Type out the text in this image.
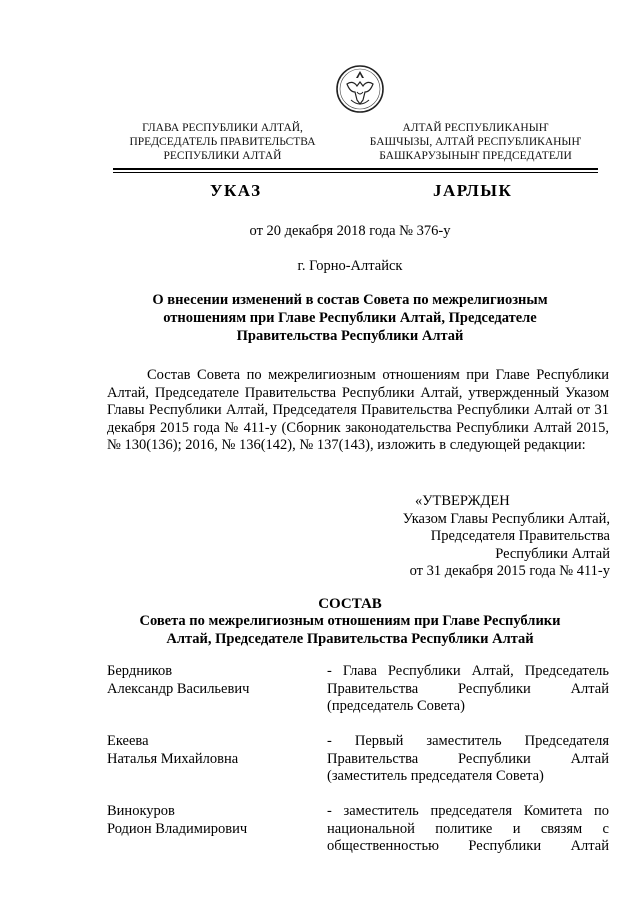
ГЛАВА РЕСПУБЛИКИ АЛТАЙ,
ПРЕДСЕДАТЕЛЬ ПРАВИТЕЛЬСТВА
РЕСПУБЛИКИ АЛТАЙ
АЛТАЙ РЕСПУБЛИКАНЫҤ
БАШЧЫЗЫ, АЛТАЙ РЕСПУБЛИКАНЫҤ
БАШКАРУЗЫНЫҤ ПРЕДСЕДАТЕЛИ
УКАЗ	ЈАРЛЫК
от 20 декабря 2018 года № 376-у
г. Горно-Алтайск
О внесении изменений в состав Совета по межрелигиозным
отношениям при Главе Республики Алтай, Председателе
Правительства Республики Алтай
Состав Совета по межрелигиозным отношениям при Главе Республики Алтай, Председателе Правительства Республики Алтай, утвержденный Указом Главы Республики Алтай, Председателя Правительства Республики Алтай от 31 декабря 2015 года № 411-у (Сборник законодательства Республики Алтай 2015, № 130(136); 2016, № 136(142), № 137(143), изложить в следующей редакции:
«УТВЕРЖДЕН
Указом Главы Республики Алтай,
Председателя Правительства
Республики Алтай
от 31 декабря 2015 года № 411-у
СОСТАВ
Совета по межрелигиозным отношениям при Главе Республики
Алтай, Председателе Правительства Республики Алтай
Бердников
Александр Васильевич
- Глава Республики Алтай, Председатель
Правительства Республики Алтай
(председатель Совета)
Екеева
Наталья Михайловна
- Первый заместитель Председателя
Правительства Республики Алтай
(заместитель председателя Совета)
Винокуров
Родион Владимирович
- заместитель председателя Комитета по
национальной политике и связям с
общественностью Республики Алтай
